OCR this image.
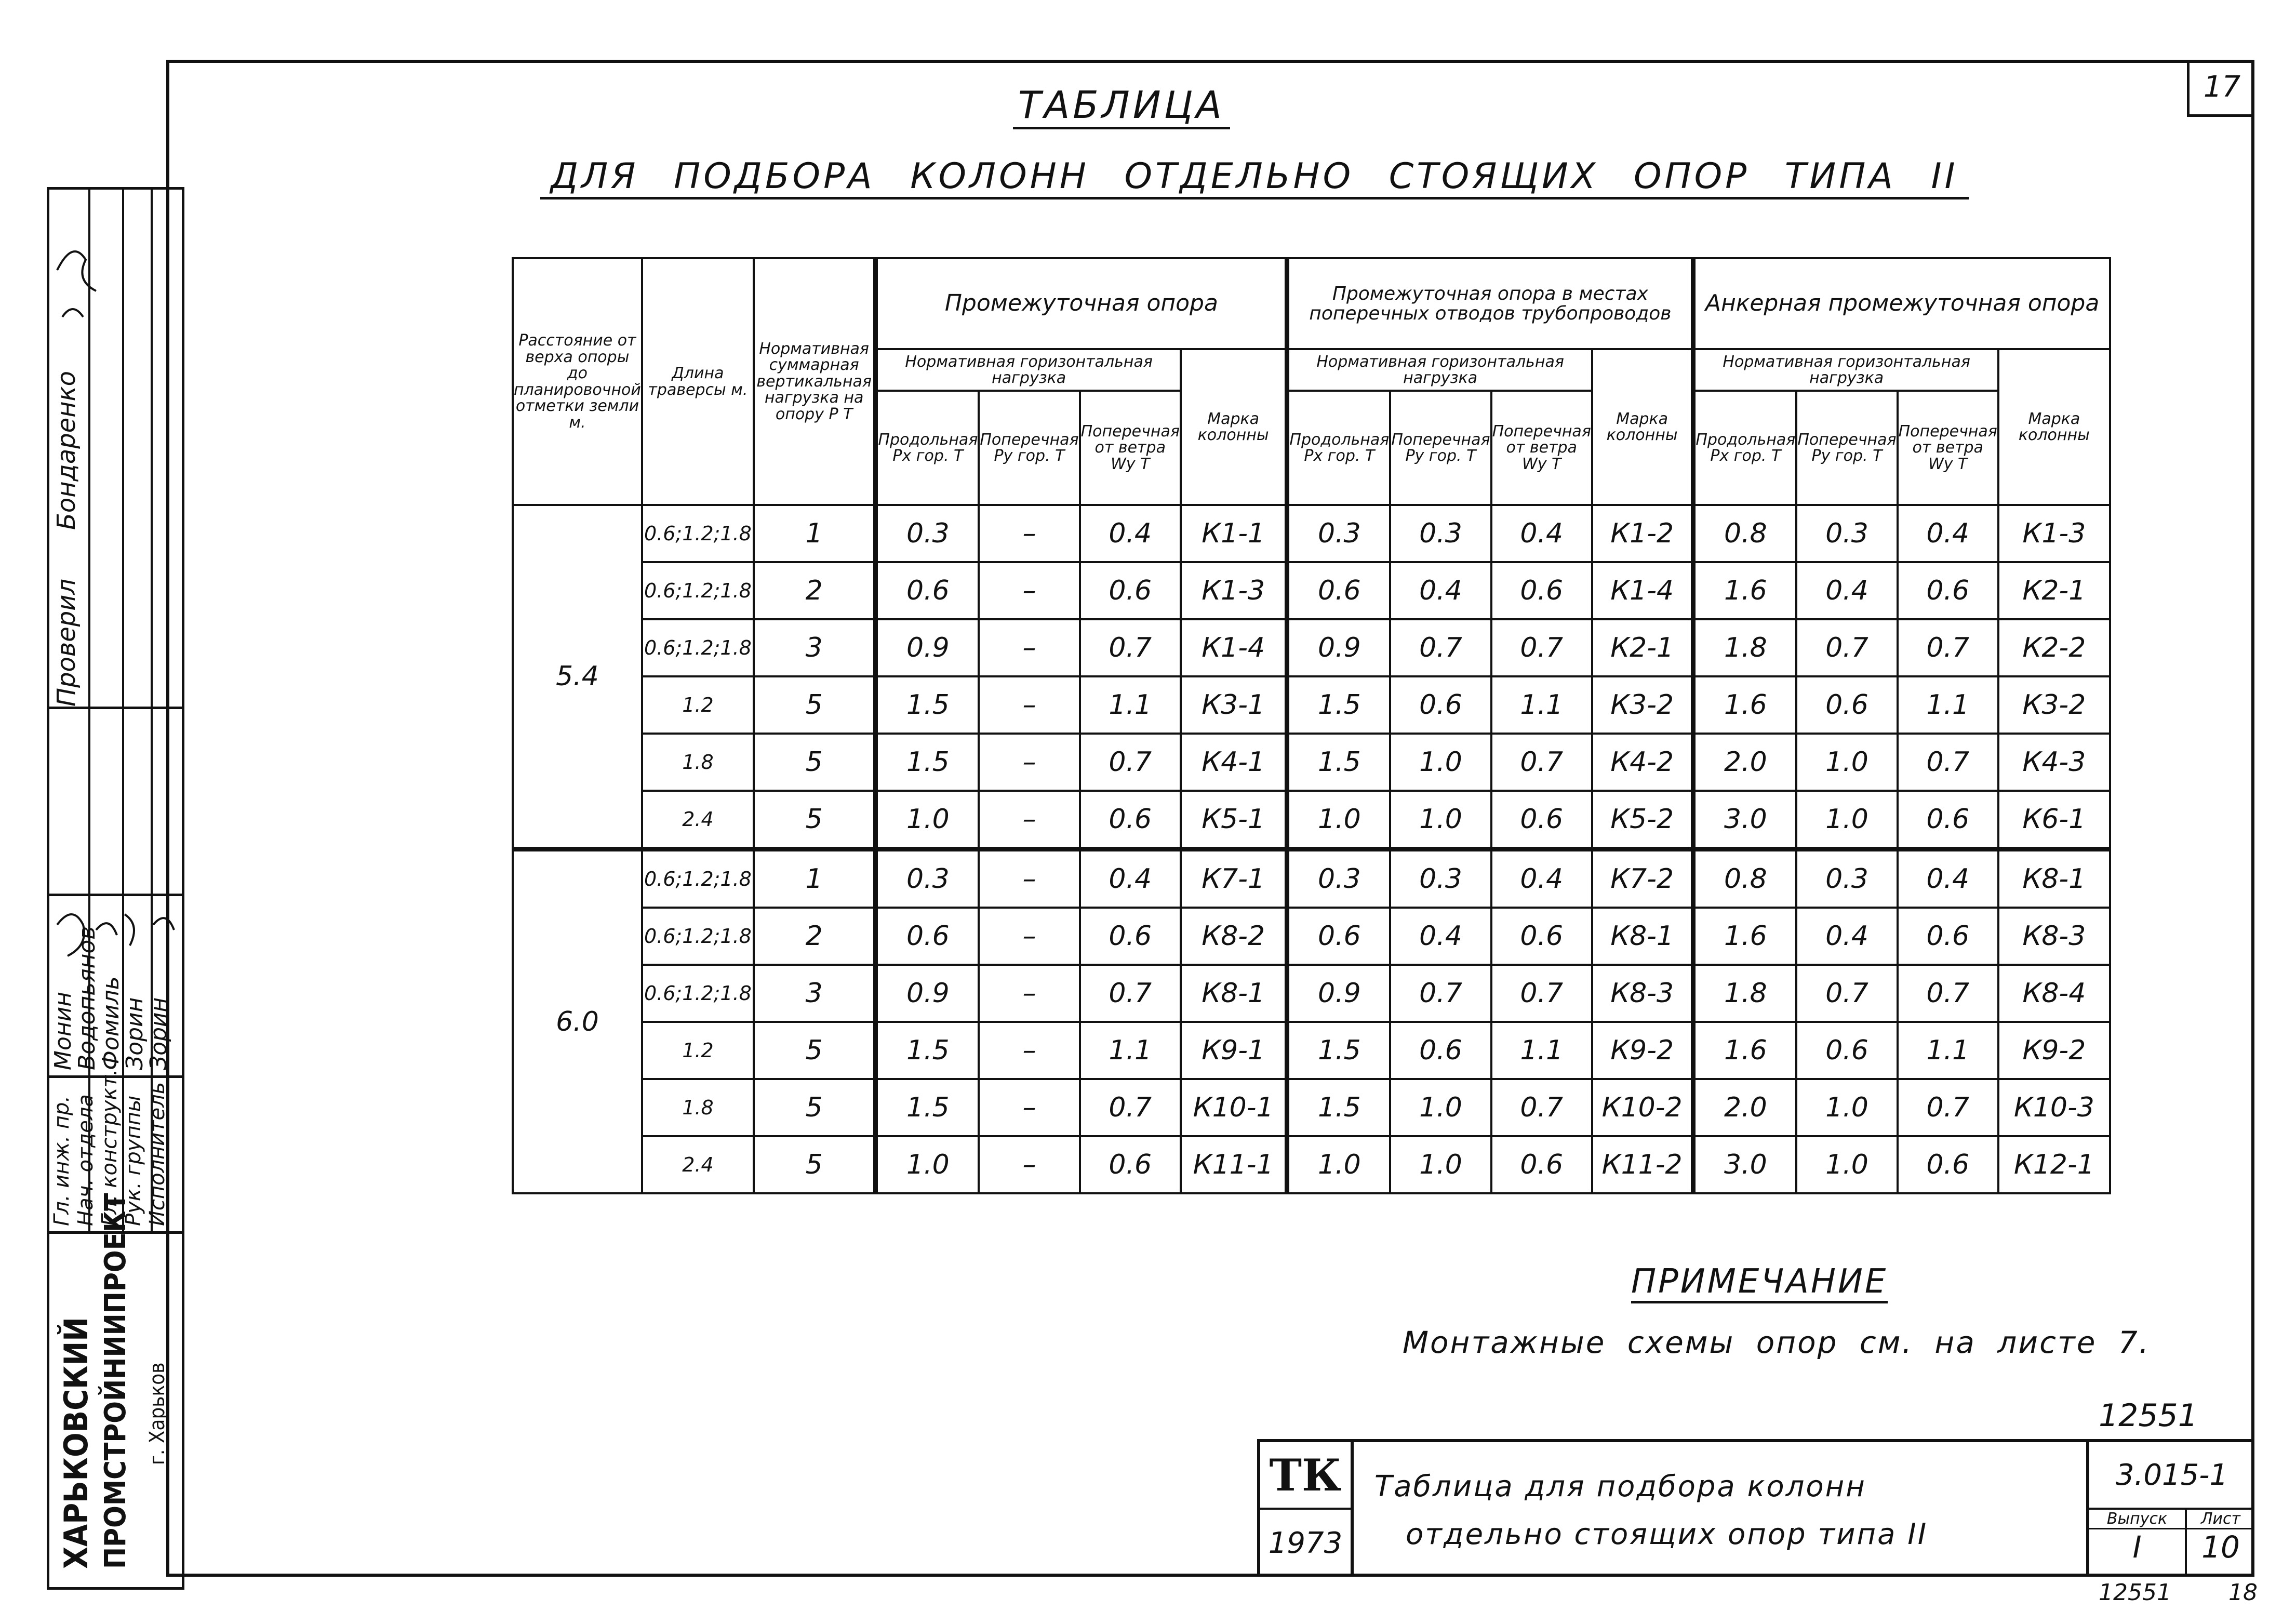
17
ТАБЛИЦА
ДЛЯ ПОДБОРА КОЛОНН ОТДЕЛЬНО СТОЯЩИХ ОПОР ТИПА II
Расстояние от верха опоры до планировочной отметки земли м.	Длина траверсы м.	Нормативная суммарная вертикальная нагрузка на опору P Т	Промежуточная опора				Промежуточная опора в местах поперечных отводов трубопроводов				Анкерная промежуточная опора			
			Нормативная горизонтальная нагрузка			Марка колонны	Нормативная горизонтальная нагрузка			Марка колонны	Нормативная горизонтальная нагрузка			Марка колонны
			Продольная Px гор. Т	Поперечная Py гор. Т	Поперечная от ветра Wy Т		Продольная Px гор. Т	Поперечная Py гор. Т	Поперечная от ветра Wy Т		Продольная Px гор. Т	Поперечная Py гор. Т	Поперечная от ветра Wy Т	
5.4	0.6;1.2;1.8	1	0.3	–	0.4	К1-1	0.3	0.3	0.4	К1-2	0.8	0.3	0.4	К1-3
	0.6;1.2;1.8	2	0.6	–	0.6	К1-3	0.6	0.4	0.6	К1-4	1.6	0.4	0.6	К2-1
	0.6;1.2;1.8	3	0.9	–	0.7	К1-4	0.9	0.7	0.7	К2-1	1.8	0.7	0.7	К2-2
	1.2	5	1.5	–	1.1	К3-1	1.5	0.6	1.1	К3-2	1.6	0.6	1.1	К3-2
	1.8	5	1.5	–	0.7	К4-1	1.5	1.0	0.7	К4-2	2.0	1.0	0.7	К4-3
	2.4	5	1.0	–	0.6	К5-1	1.0	1.0	0.6	К5-2	3.0	1.0	0.6	К6-1
6.0	0.6;1.2;1.8	1	0.3	–	0.4	К7-1	0.3	0.3	0.4	К7-2	0.8	0.3	0.4	К8-1
	0.6;1.2;1.8	2	0.6	–	0.6	К8-2	0.6	0.4	0.6	К8-1	1.6	0.4	0.6	К8-3
	0.6;1.2;1.8	3	0.9	–	0.7	К8-1	0.9	0.7	0.7	К8-3	1.8	0.7	0.7	К8-4
	1.2	5	1.5	–	1.1	К9-1	1.5	0.6	1.1	К9-2	1.6	0.6	1.1	К9-2
	1.8	5	1.5	–	0.7	К10-1	1.5	1.0	0.7	К10-2	2.0	1.0	0.7	К10-3
	2.4	5	1.0	–	0.6	К11-1	1.0	1.0	0.6	К11-2	3.0	1.0	0.6	К12-1
Гл. инж. пр. Нач. отдела Гл. конструкт. Рук. группы Исполнитель
Монин
Водопьянов
Фомиль
Зорин
Зорин
Проверил
Бондаренко
ХАРЬКОВСКИЙ ПРОМСТРОЙНИИПРОЕКТ г. Харьков
ПРИМЕЧАНИЕ
Монтажные схемы опор см. на листе 7.
12551
ТК
1973
Таблица для подбора колонн
отдельно стоящих опор типа II
3.015-1
Выпуск
I
Лист
10
12551	18
